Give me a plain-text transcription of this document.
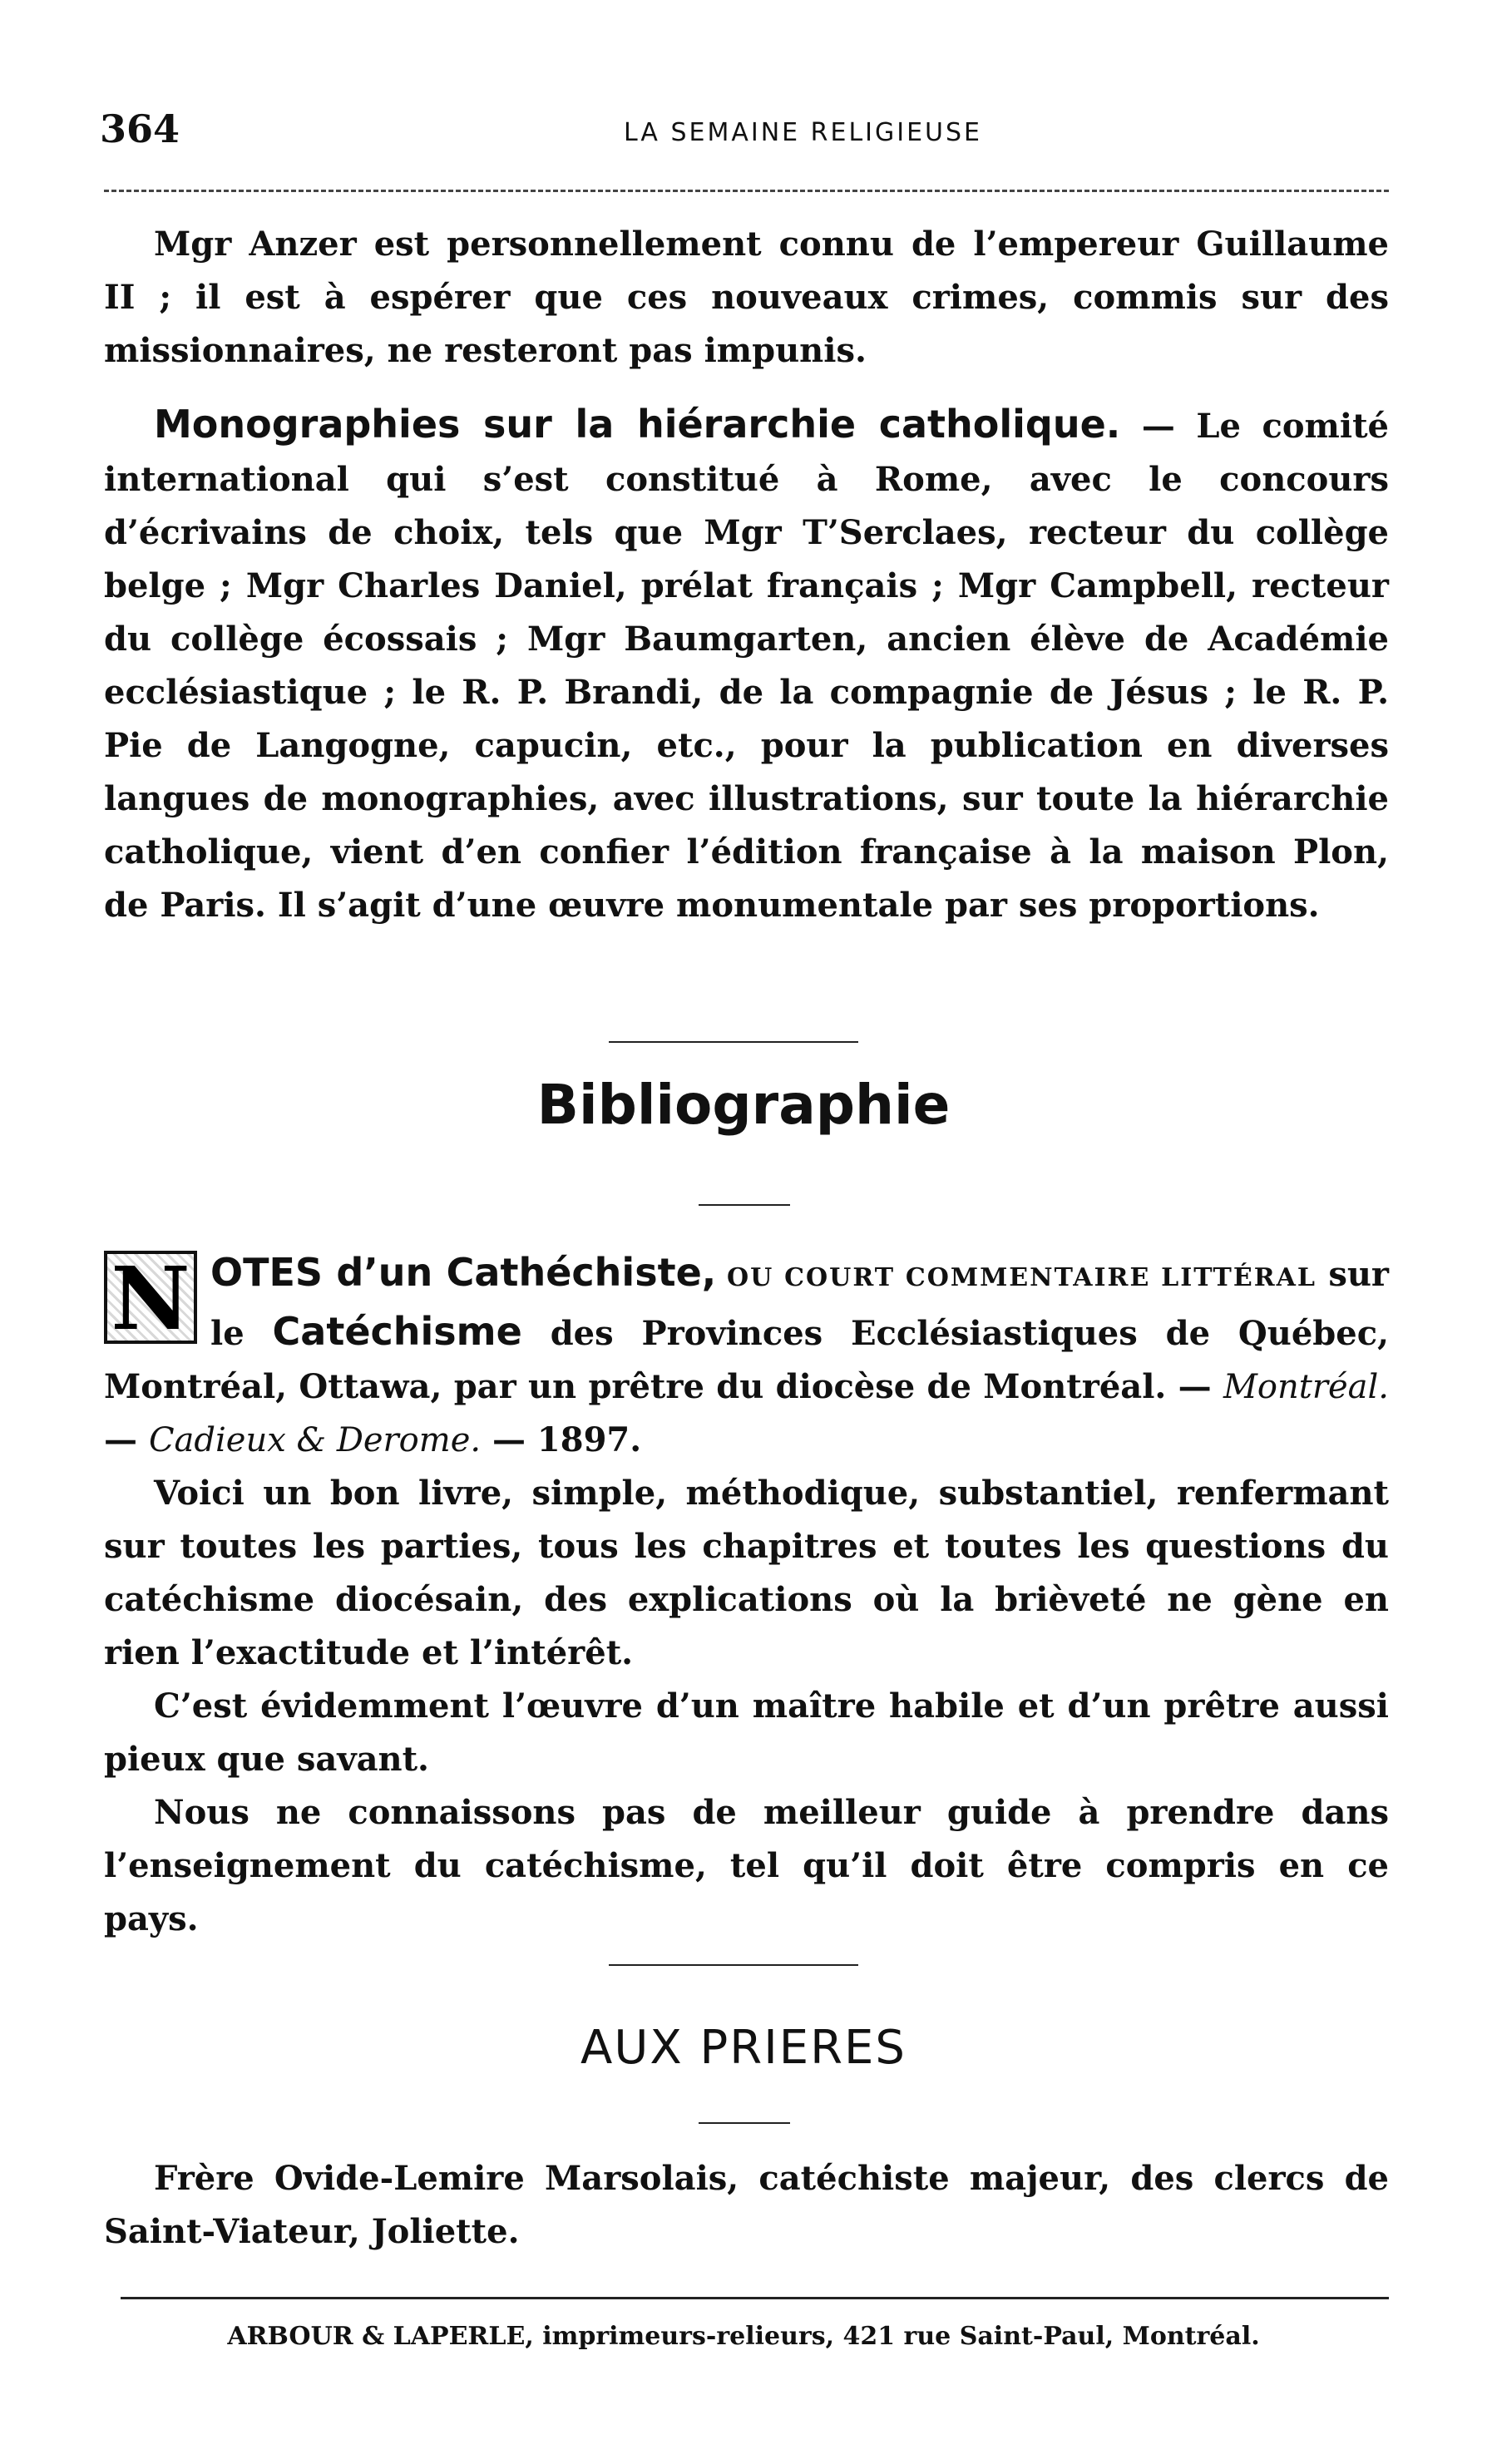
364	LA SEMAINE RELIGIEUSE

Mgr Anzer est personnellement connu de l’empereur Guillaume II ; il est à espérer que ces nouveaux crimes, commis sur des missionnaires, ne resteront pas impunis.

Monographies sur la hiérarchie catholique. — Le comité international qui s’est constitué à Rome, avec le concours d’écrivains de choix, tels que Mgr T’Serclaes, recteur du collège belge ; Mgr Charles Daniel, prélat français ; Mgr Campbell, recteur du collège écossais ; Mgr Baumgarten, ancien élève de Académie ecclésiastique ; le R. P. Brandi, de la compagnie de Jésus ; le R. P. Pie de Langogne, capucin, etc., pour la publication en diverses langues de monographies, avec illustrations, sur toute la hiérarchie catholique, vient d’en confier l’édition française à la maison Plon, de Paris. Il s’agit d’une œuvre monumentale par ses proportions.

Bibliographie

N OTES d’un Cathéchiste, OU COURT COMMENTAIRE LITTÉRAL sur le Catéchisme des Provinces Ecclésiastiques de Québec, Montréal, Ottawa, par un prêtre du diocèse de Montréal. — Montréal. — Cadieux & Derome. — 1897.

Voici un bon livre, simple, méthodique, substantiel, renfermant sur toutes les parties, tous les chapitres et toutes les questions du catéchisme diocésain, des explications où la brièveté ne gène en rien l’exactitude et l’intérêt.

C’est évidemment l’œuvre d’un maître habile et d’un prêtre aussi pieux que savant.

Nous ne connaissons pas de meilleur guide à prendre dans l’enseignement du catéchisme, tel qu’il doit être compris en ce pays.

AUX PRIERES

Frère Ovide-Lemire Marsolais, catéchiste majeur, des clercs de Saint-Viateur, Joliette.

ARBOUR & LAPERLE, imprimeurs-relieurs, 421 rue Saint-Paul, Montréal.
